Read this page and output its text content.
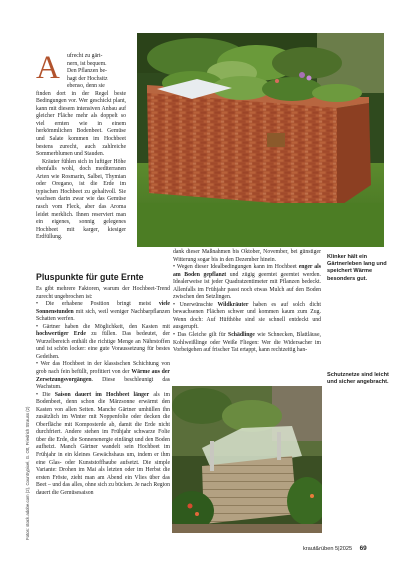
Klinker hält ein Gärtnerleben lang und speichert Wärme besonders gut.
Schutznetze sind leicht und sicher angebracht.
A ufrecht zu gärt-
nern, ist bequem.
Den Pflanzen be-
hagt der Hochsitz
ebenso, denn sie

finden dort in der Regel beste Bedingungen vor. Wer geschickt plant, kann mit diesem intensiven Anbau auf gleicher Fläche mehr als doppelt so viel ernten wie in einem herkömmlichen Bodenbeet. Gemüse und Salate kommen im Hochbeet bestens zurecht, auch zahlreiche Sommerblumen und Stauden.

Kräuter fühlen sich in luftiger Höhe ebenfalls wohl, doch mediterranen Arten wie Rosmarin, Salbei, Thymian oder Oregano, ist die Erde im typischen Hochbeet zu gehaltvoll. Sie wachsen darin zwar wie das Gemüse rasch vom Fleck, aber das Aroma leidet merklich. Ihnen reserviert man ein eigenes, sonnig gelegenes Hochbeet mit karger, kiesiger Erdfüllung.

Pluspunkte für gute Ernte

Es gibt mehrere Faktoren, warum der Hochbeet-Trend zurecht ungebrochen ist:

• Die erhabene Position bringt meist viele Sonnenstunden mit sich, weil weniger Nachbarpflanzen Schatten werfen.

• Gärtner haben die Möglichkeit, den Kasten mit hochwertiger Erde zu füllen. Das bedeutet, der Wurzelbereich enthält die richtige Menge an Nährstoffen und ist schön locker: eine gute Voraussetzung für bestes Gedeihen.

• Wer das Hochbeet in der klassischen Schichtung von grob nach fein befüllt, profitiert von der Wärme aus der Zersetzungsvorgängen. Diese beschleunigt das Wachstum.

• Die Saison dauert im Hochbeet länger als im Bodenbeet, denn schon die Märzsonne erwärmt den Kasten von allen Seiten. Manche Gärtner umhüllen ihn zusätzlich im Winter mit Noppenfolie oder decken die Oberfläche mit Komposterde ab, damit die Erde nicht durchfriert. Andere stehen im Frühjahr schwarze Folie über die Erde, die Sonnenenergie einfängt und den Boden aufheizt. Manch Gärtner wandelt sein Hochbeet im Frühjahr in ein kleines Gewächshaus um, indem er ihm eine Glas- oder Kunststoffhaube aufsetzt. Die simple Variante: Drohen im Mai als letzten oder im Herbst die ersten Fröste, zieht man am Abend ein Vlies über das Beet – und das alles, ohne sich zu bücken. Je nach Region dauert die Gemüsesaison

dank dieser Maßnahmen bis Oktober, November, bei günstiger Witterung sogar bis in den Dezember hinein.

• Wegen dieser Idealbedingungen kann im Hochbeet enger als am Boden gepflanzt und zügig geerntet geerntet werden. Idealerweise ist jeder Quadratzentimeter mit Pflanzen bedeckt. Allenfalls im Frühjahr passt noch etwas Mulch auf den Boden zwischen den Setzlingen.

• Unerwünschte Wildkräuter haben es auf solch dicht bewachsenen Flächen schwer und kommen kaum zum Zug. Wenn doch: Auf Hüfthöhe sind sie schnell entdeckt und ausgerupft.

• Das Gleiche gilt für Schädlinge wie Schnecken, Blattläuse, Kohlweißlinge oder Weiße Fliegen: Wer die Widersacher im Vorbeigehen auf frischer Tat ertappt, kann rechtzeitig han-

Fotos: stock.adobe.com (2), Countrypixel, G. Ott, Friedrich Strauss (2)
kraut&rüben 5|2025 69
